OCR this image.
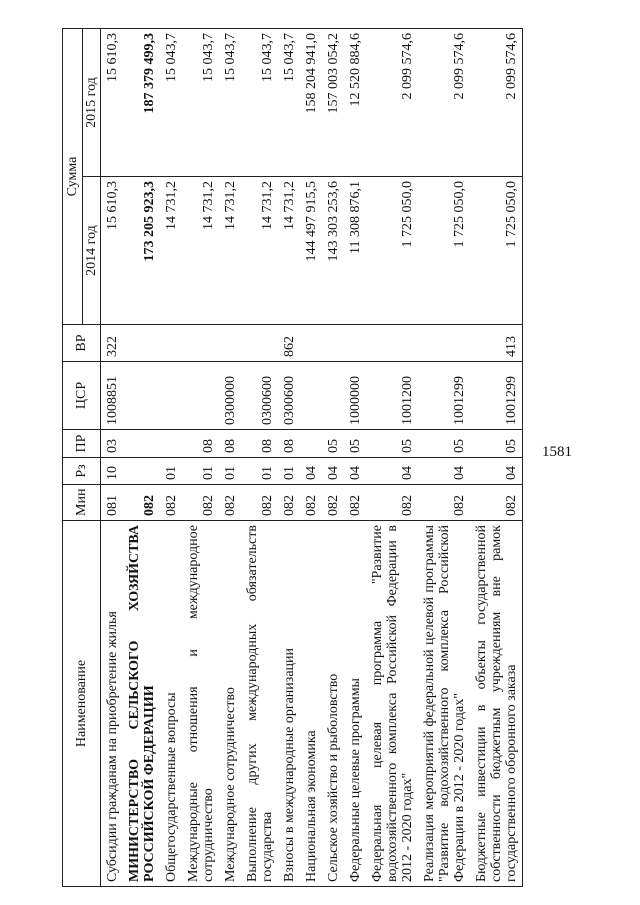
1581
Наименование	Мин	Рз	ПР	ЦСР	ВР	Сумма	
						2014 год	2015 год
Субсидии гражданам на приобретение жилья	081	10	03	1008851	322	15 610,3	15 610,3
МИНИСТЕРСТВО СЕЛЬСКОГО ХОЗЯЙСТВА РОССИЙСКОЙ ФЕДЕРАЦИИ	082					173 205 923,3	187 379 499,3
Общегосударственные вопросы	082	01				14 731,2	15 043,7
Международные отношения и международное сотрудничество	082	01	08			14 731,2	15 043,7
Международное сотрудничество	082	01	08	0300000		14 731,2	15 043,7
Выполнение других международных обязательств государства	082	01	08	0300600		14 731,2	15 043,7
Взносы в международные организации	082	01	08	0300600	862	14 731,2	15 043,7
Национальная экономика	082	04				144 497 915,5	158 204 941,0
Сельское хозяйство и рыболовство	082	04	05			143 303 253,6	157 003 054,2
Федеральные целевые программы	082	04	05	1000000		11 308 876,1	12 520 884,6
Федеральная целевая программа "Развитие водохозяйственного комплекса Российской Федерации в 2012 - 2020 годах"	082	04	05	1001200		1 725 050,0	2 099 574,6
Реализация мероприятий федеральной целевой программы "Развитие водохозяйственного комплекса Российской Федерации в 2012 - 2020 годах"	082	04	05	1001299		1 725 050,0	2 099 574,6
Бюджетные инвестиции в объекты государственной собственности бюджетным учреждениям вне рамок государственного оборонного заказа	082	04	05	1001299	413	1 725 050,0	2 099 574,6
